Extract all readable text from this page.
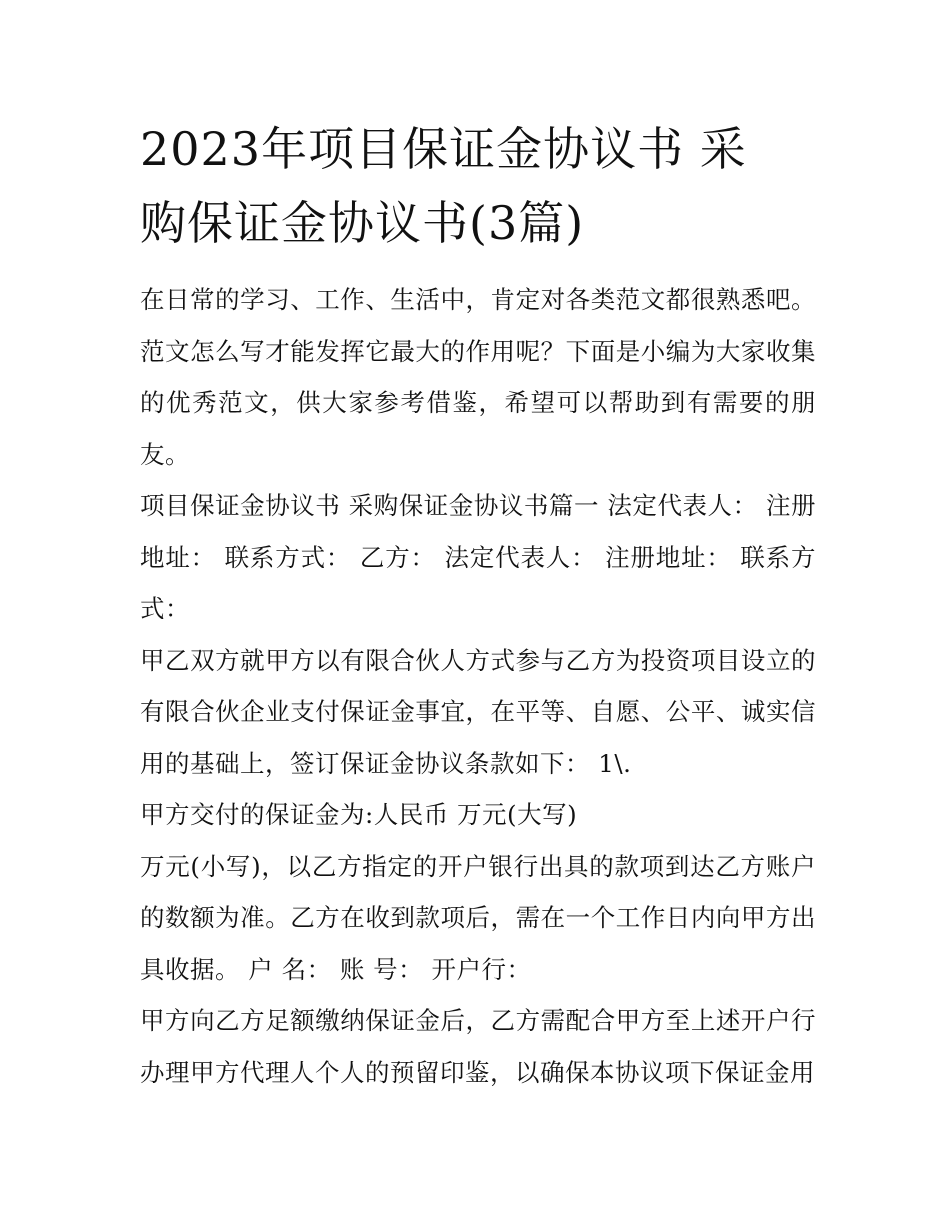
2023年项目保证金协议书 采
购保证金协议书(3篇)

在日常的学习、工作、生活中，肯定对各类范文都很熟悉吧。范文怎么写才能发挥它最大的作用呢？下面是小编为大家收集的优秀范文，供大家参考借鉴，希望可以帮助到有需要的朋友。

项目保证金协议书 采购保证金协议书篇一 法定代表人： 注册地址： 联系方式： 乙方： 法定代表人： 注册地址： 联系方式：

甲乙双方就甲方以有限合伙人方式参与乙方为投资项目设立的有限合伙企业支付保证金事宜，在平等、自愿、公平、诚实信用的基础上，签订保证金协议条款如下： 1\.

甲方交付的保证金为:人民币 万元(大写)

万元(小写)，以乙方指定的开户银行出具的款项到达乙方账户的数额为准。乙方在收到款项后，需在一个工作日内向甲方出具收据。 户 名： 账 号： 开户行：

甲方向乙方足额缴纳保证金后，乙方需配合甲方至上述开户行办理甲方代理人个人的预留印鉴，以确保本协议项下保证金用
